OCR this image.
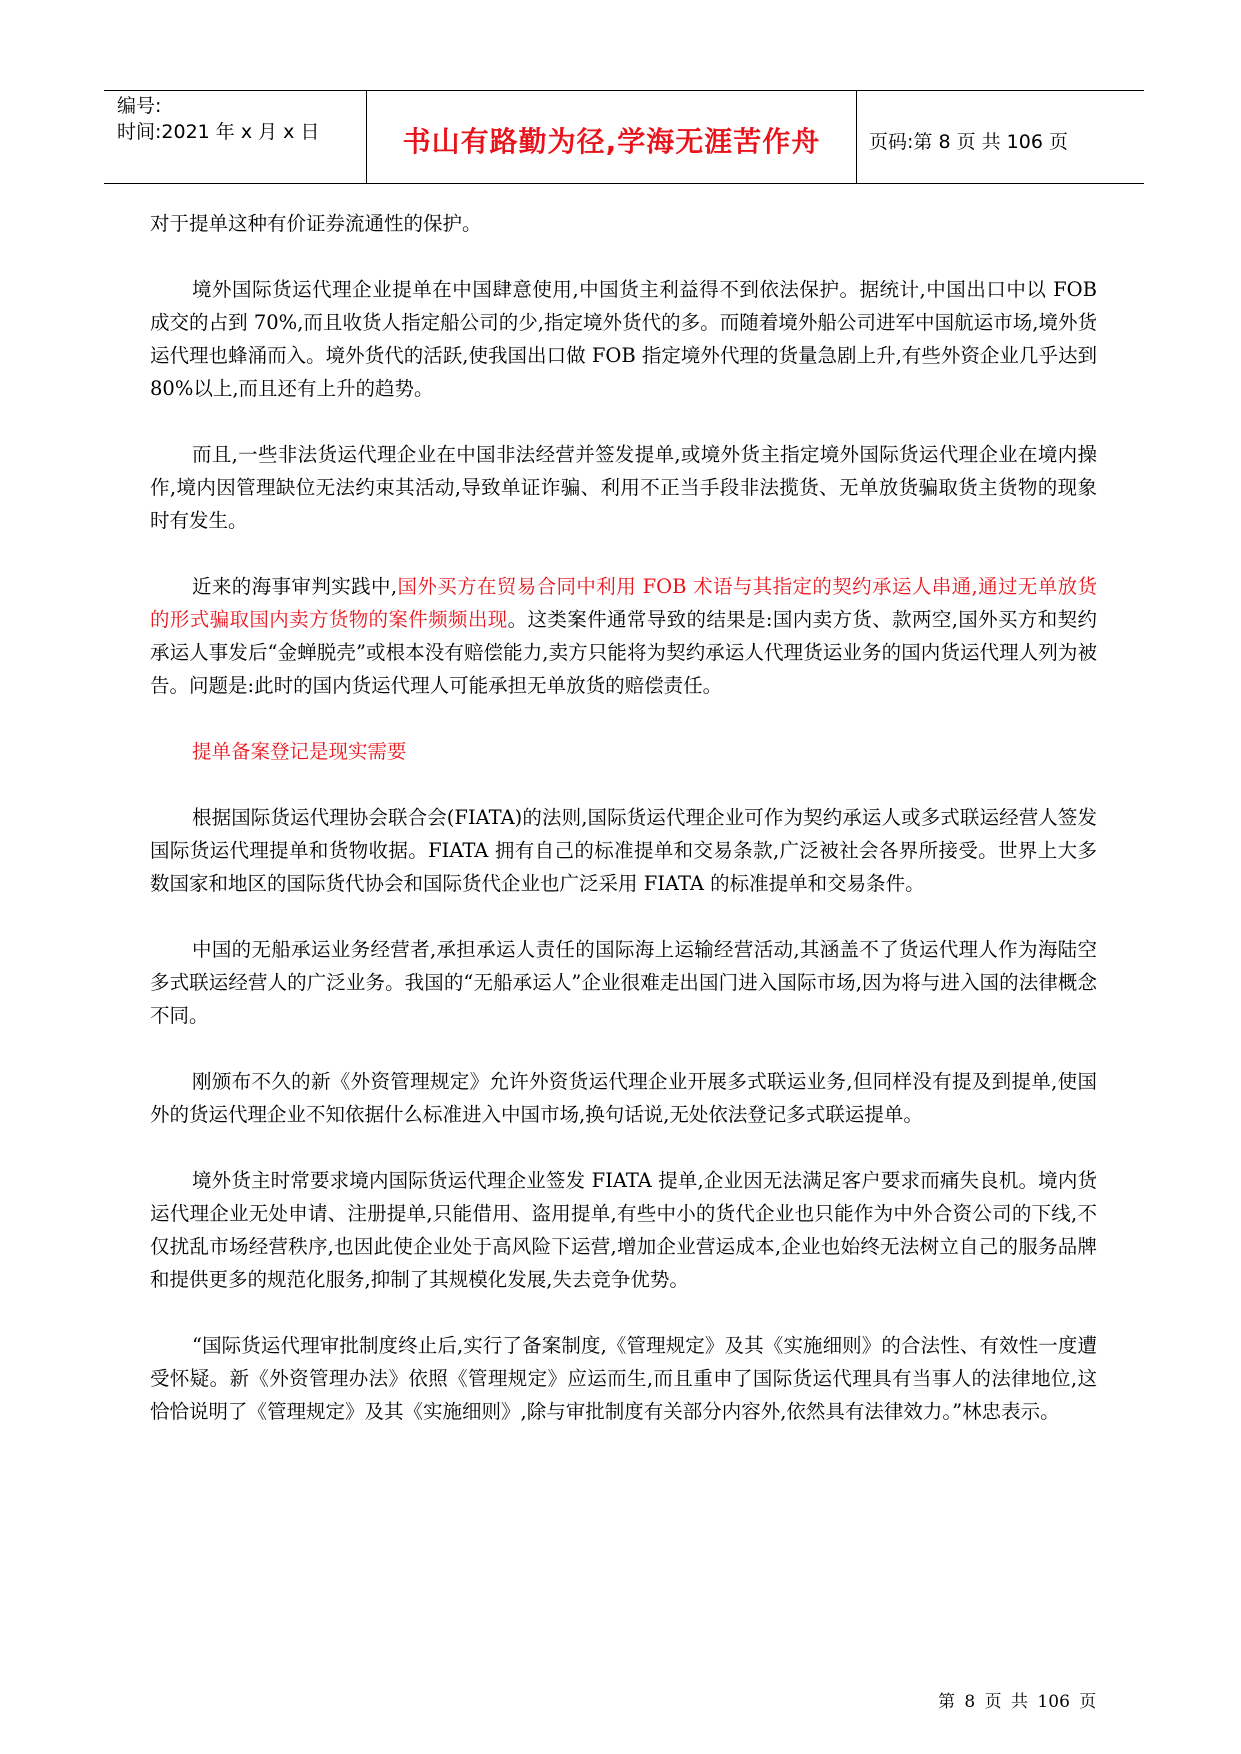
编号:
时间:2021 年 x 月 x 日	书山有路勤为径,学海无涯苦作舟	页码:第 8 页 共 106 页

对于提单这种有价证券流通性的保护。

境外国际货运代理企业提单在中国肆意使用,中国货主利益得不到依法保护。据统计,中国出口中以 FOB 成交的占到 70%,而且收货人指定船公司的少,指定境外货代的多。而随着境外船公司进军中国航运市场,境外货运代理也蜂涌而入。境外货代的活跃,使我国出口做 FOB 指定境外代理的货量急剧上升,有些外资企业几乎达到 80%以上,而且还有上升的趋势。

而且,一些非法货运代理企业在中国非法经营并签发提单,或境外货主指定境外国际货运代理企业在境内操作,境内因管理缺位无法约束其活动,导致单证诈骗、利用不正当手段非法揽货、无单放货骗取货主货物的现象时有发生。

近来的海事审判实践中,国外买方在贸易合同中利用 FOB 术语与其指定的契约承运人串通,通过无单放货的形式骗取国内卖方货物的案件频频出现。这类案件通常导致的结果是:国内卖方货、款两空,国外买方和契约承运人事发后“金蝉脱壳”或根本没有赔偿能力,卖方只能将为契约承运人代理货运业务的国内货运代理人列为被告。问题是:此时的国内货运代理人可能承担无单放货的赔偿责任。

提单备案登记是现实需要

根据国际货运代理协会联合会(FIATA)的法则,国际货运代理企业可作为契约承运人或多式联运经营人签发国际货运代理提单和货物收据。FIATA 拥有自己的标准提单和交易条款,广泛被社会各界所接受。世界上大多数国家和地区的国际货代协会和国际货代企业也广泛采用 FIATA 的标准提单和交易条件。

中国的无船承运业务经营者,承担承运人责任的国际海上运输经营活动,其涵盖不了货运代理人作为海陆空多式联运经营人的广泛业务。我国的“无船承运人”企业很难走出国门进入国际市场,因为将与进入国的法律概念不同。

刚颁布不久的新《外资管理规定》允许外资货运代理企业开展多式联运业务,但同样没有提及到提单,使国外的货运代理企业不知依据什么标准进入中国市场,换句话说,无处依法登记多式联运提单。

境外货主时常要求境内国际货运代理企业签发 FIATA 提单,企业因无法满足客户要求而痛失良机。境内货运代理企业无处申请、注册提单,只能借用、盗用提单,有些中小的货代企业也只能作为中外合资公司的下线,不仅扰乱市场经营秩序,也因此使企业处于高风险下运营,增加企业营运成本,企业也始终无法树立自己的服务品牌和提供更多的规范化服务,抑制了其规模化发展,失去竞争优势。

“国际货运代理审批制度终止后,实行了备案制度,《管理规定》及其《实施细则》的合法性、有效性一度遭受怀疑。新《外资管理办法》依照《管理规定》应运而生,而且重申了国际货运代理具有当事人的法律地位,这恰恰说明了《管理规定》及其《实施细则》,除与审批制度有关部分内容外,依然具有法律效力。”林忠表示。

第 8 页 共 106 页
